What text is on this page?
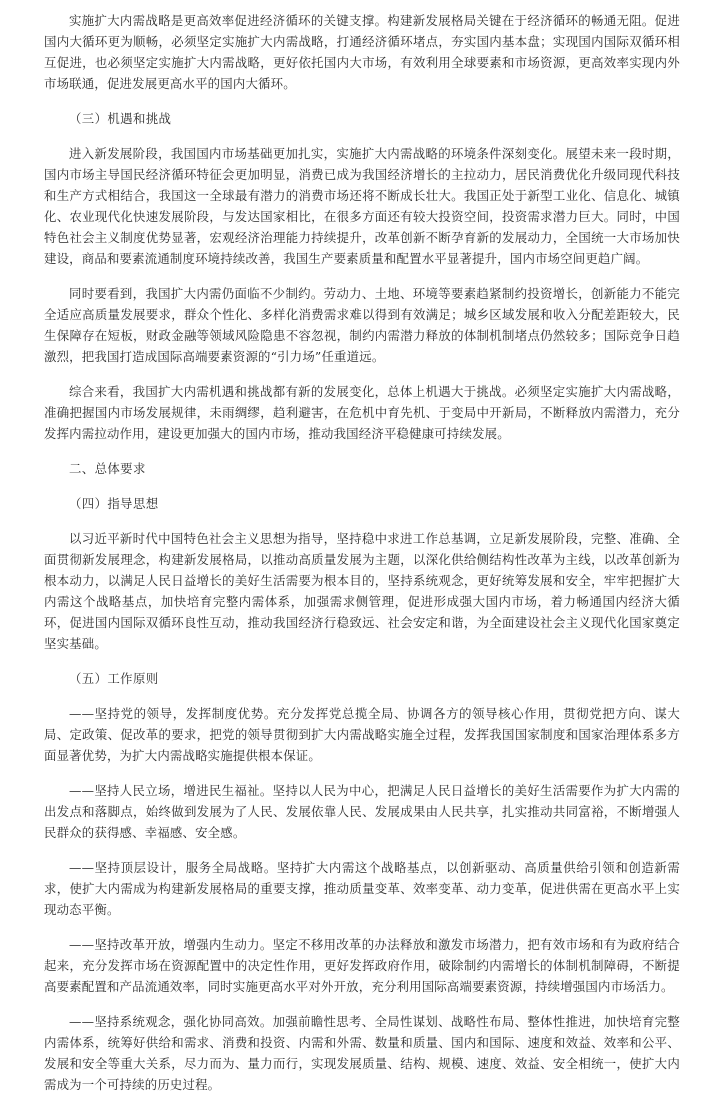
实施扩大内需战略是更高效率促进经济循环的关键支撑。构建新发展格局关键在于经济循环的畅通无阻。促进国内大循环更为顺畅，必须坚定实施扩大内需战略，打通经济循环堵点，夯实国内基本盘；实现国内国际双循环相互促进，也必须坚定实施扩大内需战略，更好依托国内大市场，有效利用全球要素和市场资源，更高效率实现内外市场联通，促进发展更高水平的国内大循环。

（三）机遇和挑战

进入新发展阶段，我国国内市场基础更加扎实，实施扩大内需战略的环境条件深刻变化。展望未来一段时期，国内市场主导国民经济循环特征会更加明显，消费已成为我国经济增长的主拉动力，居民消费优化升级同现代科技和生产方式相结合，我国这一全球最有潜力的消费市场还将不断成长壮大。我国正处于新型工业化、信息化、城镇化、农业现代化快速发展阶段，与发达国家相比，在很多方面还有较大投资空间，投资需求潜力巨大。同时，中国特色社会主义制度优势显著，宏观经济治理能力持续提升，改革创新不断孕育新的发展动力，全国统一大市场加快建设，商品和要素流通制度环境持续改善，我国生产要素质量和配置水平显著提升，国内市场空间更趋广阔。

同时要看到，我国扩大内需仍面临不少制约。劳动力、土地、环境等要素趋紧制约投资增长，创新能力不能完全适应高质量发展要求，群众个性化、多样化消费需求难以得到有效满足；城乡区域发展和收入分配差距较大，民生保障存在短板，财政金融等领域风险隐患不容忽视，制约内需潜力释放的体制机制堵点仍然较多；国际竞争日趋激烈，把我国打造成国际高端要素资源的“引力场”任重道远。

综合来看，我国扩大内需机遇和挑战都有新的发展变化，总体上机遇大于挑战。必须坚定实施扩大内需战略，准确把握国内市场发展规律，未雨绸缪，趋利避害，在危机中育先机、于变局中开新局，不断释放内需潜力，充分发挥内需拉动作用，建设更加强大的国内市场，推动我国经济平稳健康可持续发展。

二、总体要求

（四）指导思想

以习近平新时代中国特色社会主义思想为指导，坚持稳中求进工作总基调，立足新发展阶段，完整、准确、全面贯彻新发展理念，构建新发展格局，以推动高质量发展为主题，以深化供给侧结构性改革为主线，以改革创新为根本动力，以满足人民日益增长的美好生活需要为根本目的，坚持系统观念，更好统筹发展和安全，牢牢把握扩大内需这个战略基点，加快培育完整内需体系，加强需求侧管理，促进形成强大国内市场，着力畅通国内经济大循环，促进国内国际双循环良性互动，推动我国经济行稳致远、社会安定和谐，为全面建设社会主义现代化国家奠定坚实基础。

（五）工作原则

——坚持党的领导，发挥制度优势。充分发挥党总揽全局、协调各方的领导核心作用，贯彻党把方向、谋大局、定政策、促改革的要求，把党的领导贯彻到扩大内需战略实施全过程，发挥我国国家制度和国家治理体系多方面显著优势，为扩大内需战略实施提供根本保证。

——坚持人民立场，增进民生福祉。坚持以人民为中心，把满足人民日益增长的美好生活需要作为扩大内需的出发点和落脚点，始终做到发展为了人民、发展依靠人民、发展成果由人民共享，扎实推动共同富裕，不断增强人民群众的获得感、幸福感、安全感。

——坚持顶层设计，服务全局战略。坚持扩大内需这个战略基点，以创新驱动、高质量供给引领和创造新需求，使扩大内需成为构建新发展格局的重要支撑，推动质量变革、效率变革、动力变革，促进供需在更高水平上实现动态平衡。

——坚持改革开放，增强内生动力。坚定不移用改革的办法释放和激发市场潜力，把有效市场和有为政府结合起来，充分发挥市场在资源配置中的决定性作用，更好发挥政府作用，破除制约内需增长的体制机制障碍，不断提高要素配置和产品流通效率，同时实施更高水平对外开放，充分利用国际高端要素资源，持续增强国内市场活力。

——坚持系统观念，强化协同高效。加强前瞻性思考、全局性谋划、战略性布局、整体性推进，加快培育完整内需体系，统筹好供给和需求、消费和投资、内需和外需、数量和质量、国内和国际、速度和效益、效率和公平、发展和安全等重大关系，尽力而为、量力而行，实现发展质量、结构、规模、速度、效益、安全相统一，使扩大内需成为一个可持续的历史过程。
